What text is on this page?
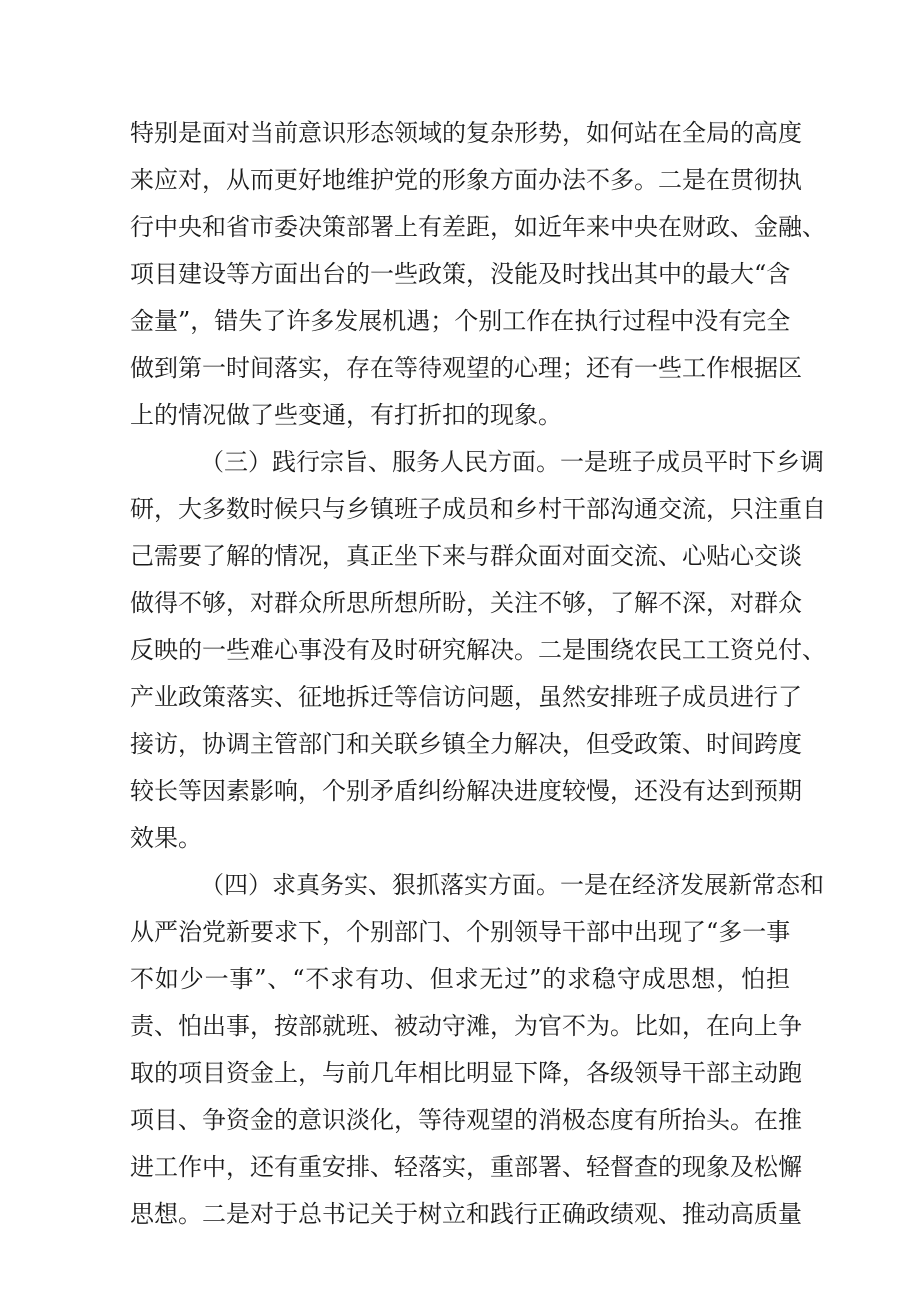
特别是面对当前意识形态领域的复杂形势，如何站在全局的高度
来应对，从而更好地维护党的形象方面办法不多。二是在贯彻执
行中央和省市委决策部署上有差距，如近年来中央在财政、金融、
项目建设等方面出台的一些政策，没能及时找出其中的最大“含
金量”，错失了许多发展机遇；个别工作在执行过程中没有完全
做到第一时间落实，存在等待观望的心理；还有一些工作根据区
上的情况做了些变通，有打折扣的现象。

（三）践行宗旨、服务人民方面。一是班子成员平时下乡调
研，大多数时候只与乡镇班子成员和乡村干部沟通交流，只注重自
己需要了解的情况，真正坐下来与群众面对面交流、心贴心交谈
做得不够，对群众所思所想所盼，关注不够，了解不深，对群众
反映的一些难心事没有及时研究解决。二是围绕农民工工资兑付、
产业政策落实、征地拆迁等信访问题，虽然安排班子成员进行了
接访，协调主管部门和关联乡镇全力解决，但受政策、时间跨度
较长等因素影响，个别矛盾纠纷解决进度较慢，还没有达到预期
效果。

（四）求真务实、狠抓落实方面。一是在经济发展新常态和
从严治党新要求下，个别部门、个别领导干部中出现了“多一事
不如少一事”、“不求有功、但求无过”的求稳守成思想，怕担
责、怕出事，按部就班、被动守滩，为官不为。比如，在向上争
取的项目资金上，与前几年相比明显下降，各级领导干部主动跑
项目、争资金的意识淡化，等待观望的消极态度有所抬头。在推
进工作中，还有重安排、轻落实，重部署、轻督查的现象及松懈
思想。二是对于总书记关于树立和践行正确政绩观、推动高质量
